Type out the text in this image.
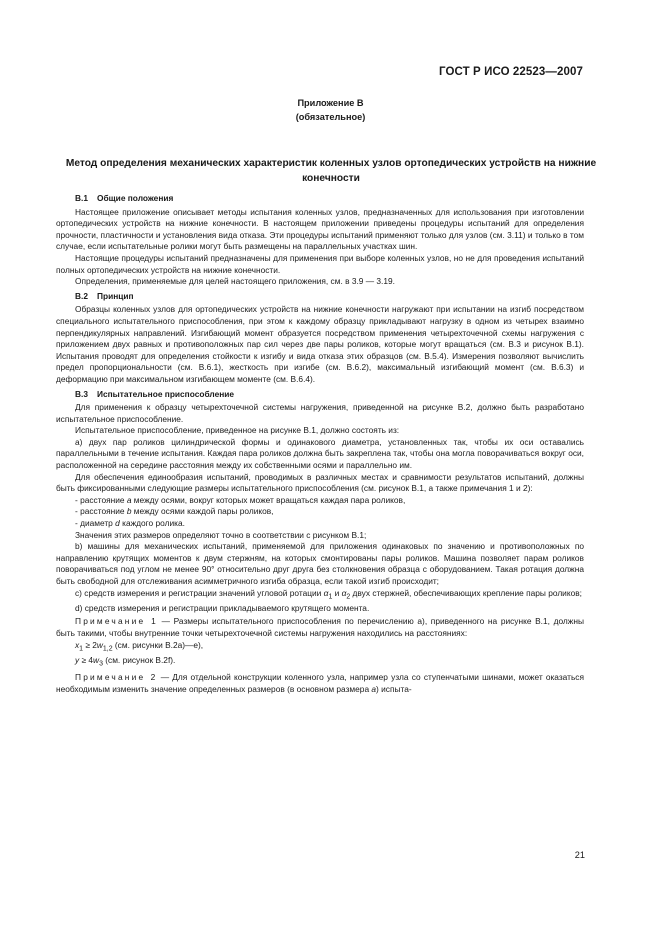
ГОСТ Р ИСО 22523—2007
Приложение В
(обязательное)
Метод определения механических характеристик коленных узлов ортопедических устройств на нижние конечности

В.1 Общие положения

Настоящее приложение описывает методы испытания коленных узлов, предназначенных для использования при изготовлении ортопедических устройств на нижние конечности. В настоящем приложении приведены процедуры испытаний для определения прочности, пластичности и установления вида отказа. Эти процедуры испытаний применяют только для узлов (см. 3.11) и только в том случае, если испытательные ролики могут быть размещены на параллельных участках шин.

Настоящие процедуры испытаний предназначены для применения при выборе коленных узлов, но не для проведения испытаний полных ортопедических устройств на нижние конечности.

Определения, применяемые для целей настоящего приложения, см. в 3.9 — 3.19.

В.2 Принцип

Образцы коленных узлов для ортопедических устройств на нижние конечности нагружают при испытании на изгиб посредством специального испытательного приспособления, при этом к каждому образцу прикладывают нагрузку в одном из четырех взаимно перпендикулярных направлений. Изгибающий момент образуется посредством применения четырехточечной схемы нагружения с приложением двух равных и противоположных пар сил через две пары роликов, которые могут вращаться (см. В.3 и рисунок В.1). Испытания проводят для определения стойкости к изгибу и вида отказа этих образцов (см. В.5.4). Измерения позволяют вычислить предел пропорциональности (см. В.6.1), жесткость при изгибе (см. В.6.2), максимальный изгибающий момент (см. В.6.3) и деформацию при максимальном изгибающем моменте (см. В.6.4).

В.3 Испытательное приспособление

Для применения к образцу четырехточечной системы нагружения, приведенной на рисунке В.2, должно быть разработано испытательное приспособление.

Испытательное приспособление, приведенное на рисунке В.1, должно состоять из:

а) двух пар роликов цилиндрической формы и одинакового диаметра, установленных так, чтобы их оси оставались параллельными в течение испытания. Каждая пара роликов должна быть закреплена так, чтобы она могла поворачиваться вокруг оси, расположенной на середине расстояния между их собственными осями и параллельно им.

Для обеспечения единообразия испытаний, проводимых в различных местах и сравнимости результатов испытаний, должны быть фиксированными следующие размеры испытательного приспособления (см. рисунок В.1, а также примечания 1 и 2):

- расстояние a между осями, вокруг которых может вращаться каждая пара роликов,

- расстояние b между осями каждой пары роликов,

- диаметр d каждого ролика.

Значения этих размеров определяют точно в соответствии с рисунком В.1;

b) машины для механических испытаний, применяемой для приложения одинаковых по значению и противоположных по направлению крутящих моментов к двум стержням, на которых смонтированы пары роликов. Машина позволяет парам роликов поворачиваться под углом не менее 90° относительно друг друга без столкновения образца с оборудованием. Такая ротация должна быть свободной для отслеживания асимметричного изгиба образца, если такой изгиб происходит;

с) средств измерения и регистрации значений угловой ротации $\alpha_1$ и $\alpha_2$ двух стержней, обеспечивающих крепление пары роликов;

d) средств измерения и регистрации прикладываемого крутящего момента.

Примечание 1 — Размеры испытательного приспособления по перечислению а), приведенного на рисунке В.1, должны быть такими, чтобы внутренние точки четырехточечной системы нагружения находились на расстояниях:

$x_1 \ge 2w_{1,2}$ (см. рисунки В.2а)—е),

$y \ge 4w_3$ (см. рисунок В.2f).

Примечание 2 — Для отдельной конструкции коленного узла, например узла со ступенчатыми шинами, может оказаться необходимым изменить значение определенных размеров (в основном размера a) испыта-

21
